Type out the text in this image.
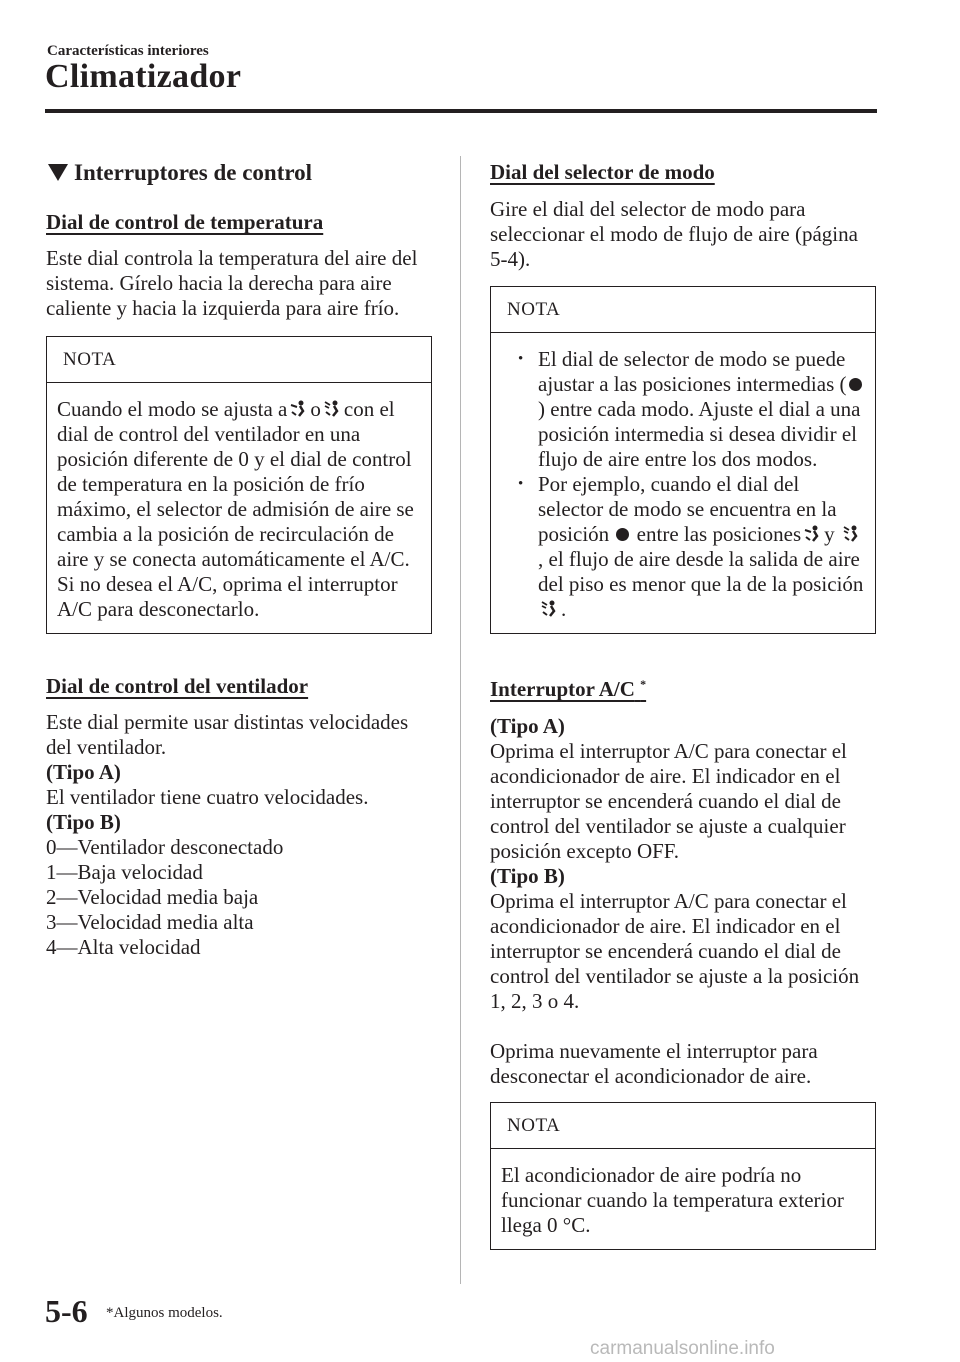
Características interiores
Climatizador
Interruptores de control

Dial de control de temperatura

Este dial controla la temperatura del aire del sistema. Gírelo hacia la derecha para aire caliente y hacia la izquierda para aire frío.

NOTA

Cuando el modo se ajusta a o con el dial de control del ventilador en una posición diferente de 0 y el dial de control de temperatura en la posición de frío máximo, el selector de admisión de aire se cambia a la posición de recirculación de aire y se conecta automáticamente el A/C.

Si no desea el A/C, oprima el interruptor A/C para desconectarlo.

Dial de control del ventilador

Este dial permite usar distintas velocidades del ventilador.

(Tipo A)

El ventilador tiene cuatro velocidades.

(Tipo B)

0—Ventilador desconectado

1—Baja velocidad

2—Velocidad media baja

3—Velocidad media alta

4—Alta velocidad

Dial del selector de modo

Gire el dial del selector de modo para seleccionar el modo de flujo de aire (página 5-4).

NOTA
• El dial de selector de modo se puede ajustar a las posiciones intermedias () entre cada modo. Ajuste el dial a una posición intermedia si desea dividir el flujo de aire entre los dos modos.
• Por ejemplo, cuando el dial del selector de modo se encuentra en la posición entre las posiciones y , el flujo de aire desde la salida de aire del piso es menor que la de la posición.

Interruptor A/C *

(Tipo A)

Oprima el interruptor A/C para conectar el acondicionador de aire. El indicador en el interruptor se encenderá cuando el dial de control del ventilador se ajuste a cualquier posición excepto OFF.

(Tipo B)

Oprima el interruptor A/C para conectar el acondicionador de aire. El indicador en el interruptor se encenderá cuando el dial de control del ventilador se ajuste a la posición 1, 2, 3 o 4.

Oprima nuevamente el interruptor para desconectar el acondicionador de aire.

NOTA

El acondicionador de aire podría no funcionar cuando la temperatura exterior llega 0 °C.

5-6 *Algunos modelos.
carmanualsonline.info
